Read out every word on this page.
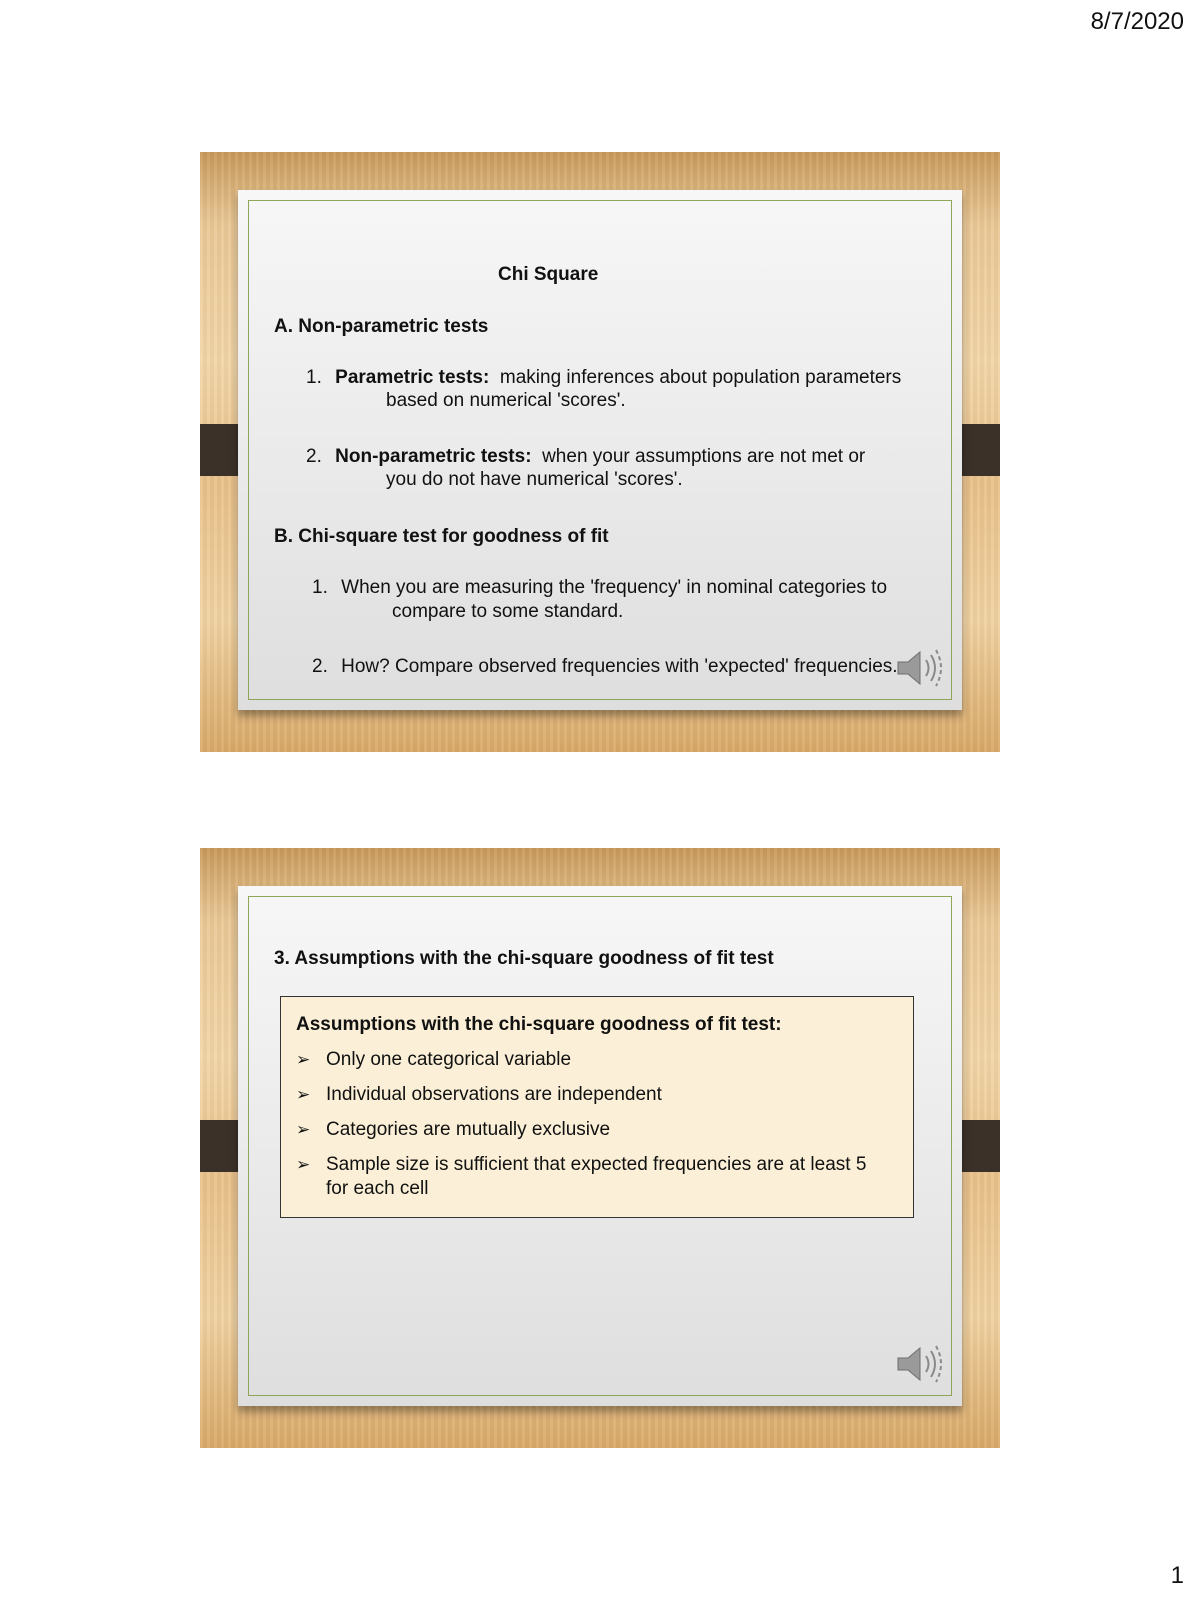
8/7/2020
Chi Square
A. Non-parametric tests
1. Parametric tests:  making inferences about population parameters
based on numerical 'scores'.
2. Non-parametric tests:  when your assumptions are not met or
you do not have numerical 'scores'.
B. Chi-square test for goodness of fit
1. When you are measuring the 'frequency' in nominal categories to
compare to some standard.
2. How? Compare observed frequencies with 'expected' frequencies.
3. Assumptions with the chi-square goodness of fit test
Assumptions with the chi-square goodness of fit test:
➢ Only one categorical variable
➢ Individual observations are independent
➢ Categories are mutually exclusive
➢ Sample size is sufficient that expected frequencies are at least 5 for each cell
1
